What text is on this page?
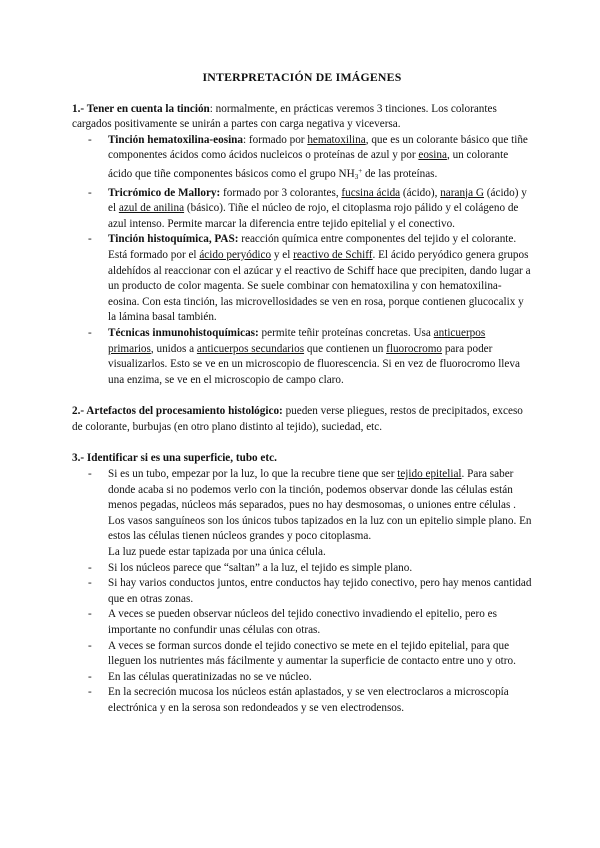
INTERPRETACIÓN DE IMÁGENES

1.- Tener en cuenta la tinción: normalmente, en prácticas veremos 3 tinciones. Los colorantes cargados positivamente se unirán a partes con carga negativa y viceversa.

- Tinción hematoxilina-eosina: formado por hematoxilina, que es un colorante básico que tiñe componentes ácidos como ácidos nucleicos o proteínas de azul y por eosina, un colorante ácido que tiñe componentes básicos como el grupo $NH_3^+$ de las proteínas.
- Tricrómico de Mallory: formado por 3 colorantes, fucsina ácida (ácido), naranja G (ácido) y el azul de anilina (básico). Tiñe el núcleo de rojo, el citoplasma rojo pálido y el colágeno de azul intenso. Permite marcar la diferencia entre tejido epitelial y el conectivo.
- Tinción histoquímica, PAS: reacción química entre componentes del tejido y el colorante. Está formado por el ácido peryódico y el reactivo de Schiff. El ácido peryódico genera grupos aldehídos al reaccionar con el azúcar y el reactivo de Schiff hace que precipiten, dando lugar a un producto de color magenta. Se suele combinar con hematoxilina y con hematoxilina-eosina. Con esta tinción, las microvellosidades se ven en rosa, porque contienen glucocalix y la lámina basal también.
- Técnicas inmunohistoquímicas: permite teñir proteínas concretas. Usa anticuerpos primarios, unidos a anticuerpos secundarios que contienen un fluorocromo para poder visualizarlos. Esto se ve en un microscopio de fluorescencia. Si en vez de fluorocromo lleva una enzima, se ve en el microscopio de campo claro.

2.- Artefactos del procesamiento histológico: pueden verse pliegues, restos de precipitados, exceso de colorante, burbujas (en otro plano distinto al tejido), suciedad, etc.

3.- Identificar si es una superficie, tubo etc.

- Si es un tubo, empezar por la luz, lo que la recubre tiene que ser tejido epitelial. Para saber donde acaba si no podemos verlo con la tinción, podemos observar donde las células están menos pegadas, núcleos más separados, pues no hay desmosomas, o uniones entre células .

Los vasos sanguíneos son los únicos tubos tapizados en la luz con un epitelio simple plano. En estos las células tienen núcleos grandes y poco citoplasma.

La luz puede estar tapizada por una única célula.

- Si los núcleos parece que “saltan” a la luz, el tejido es simple plano.
- Si hay varios conductos juntos, entre conductos hay tejido conectivo, pero hay menos cantidad que en otras zonas.
- A veces se pueden observar núcleos del tejido conectivo invadiendo el epitelio, pero es importante no confundir unas células con otras.
- A veces se forman surcos donde el tejido conectivo se mete en el tejido epitelial, para que lleguen los nutrientes más fácilmente y aumentar la superficie de contacto entre uno y otro.
- En las células queratinizadas no se ve núcleo.
- En la secreción mucosa los núcleos están aplastados, y se ven electroclaros a microscopía electrónica y en la serosa son redondeados y se ven electrodensos.
